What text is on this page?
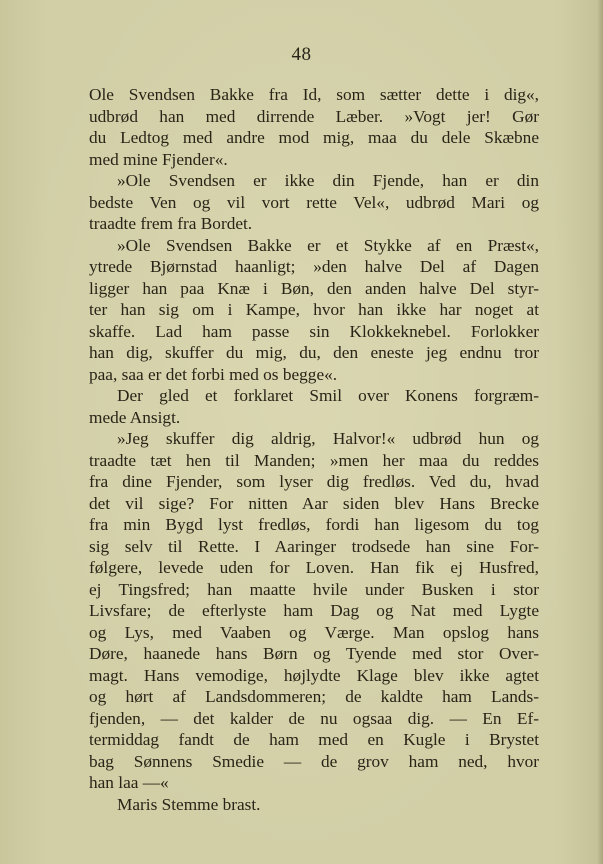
48
Ole Svendsen Bakke fra Id, som sætter dette i dig«,
udbrød han med dirrende Læber. »Vogt jer! Gør
du Ledtog med andre mod mig, maa du dele Skæbne
med mine Fjender«.
»Ole Svendsen er ikke din Fjende, han er din
bedste Ven og vil vort rette Vel«, udbrød Mari og
traadte frem fra Bordet.
»Ole Svendsen Bakke er et Stykke af en Præst«,
ytrede Bjørnstad haanligt; »den halve Del af Dagen
ligger han paa Knæ i Bøn, den anden halve Del styr-
ter han sig om i Kampe, hvor han ikke har noget at
skaffe. Lad ham passe sin Klokkeknebel. Forlokker
han dig, skuffer du mig, du, den eneste jeg endnu tror
paa, saa er det forbi med os begge«.
Der gled et forklaret Smil over Konens forgræm-
mede Ansigt.
»Jeg skuffer dig aldrig, Halvor!« udbrød hun og
traadte tæt hen til Manden; »men her maa du reddes
fra dine Fjender, som lyser dig fredløs. Ved du, hvad
det vil sige? For nitten Aar siden blev Hans Brecke
fra min Bygd lyst fredløs, fordi han ligesom du tog
sig selv til Rette. I Aaringer trodsede han sine For-
følgere, levede uden for Loven. Han fik ej Husfred,
ej Tingsfred; han maatte hvile under Busken i stor
Livsfare; de efterlyste ham Dag og Nat med Lygte
og Lys, med Vaaben og Værge. Man opslog hans
Døre, haanede hans Børn og Tyende med stor Over-
magt. Hans vemodige, højlydte Klage blev ikke agtet
og hørt af Landsdommeren; de kaldte ham Lands-
fjenden, — det kalder de nu ogsaa dig. — En Ef-
termiddag fandt de ham med en Kugle i Brystet
bag Sønnens Smedie — de grov ham ned, hvor
han laa —«
Maris Stemme brast.
